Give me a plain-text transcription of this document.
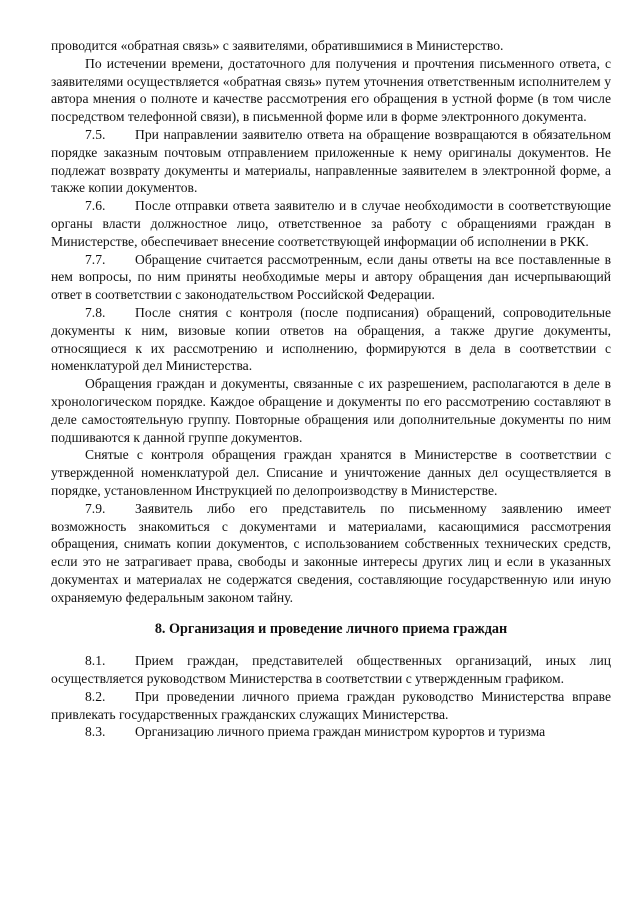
проводится «обратная связь» с заявителями, обратившимися в Министерство.

По истечении времени, достаточного для получения и прочтения письменного ответа, с заявителями осуществляется «обратная связь» путем уточнения ответственным исполнителем у автора мнения о полноте и качестве рассмотрения его обращения в устной форме (в том числе посредством телефонной связи), в письменной форме или в форме электронного документа.

7.5. При направлении заявителю ответа на обращение возвращаются в обязательном порядке заказным почтовым отправлением приложенные к нему оригиналы документов. Не подлежат возврату документы и материалы, направленные заявителем в электронной форме, а также копии документов.

7.6. После отправки ответа заявителю и в случае необходимости в соответствующие органы власти должностное лицо, ответственное за работу с обращениями граждан в Министерстве, обеспечивает внесение соответствующей информации об исполнении в РКК.

7.7. Обращение считается рассмотренным, если даны ответы на все поставленные в нем вопросы, по ним приняты необходимые меры и автору обращения дан исчерпывающий ответ в соответствии с законодательством Российской Федерации.

7.8. После снятия с контроля (после подписания) обращений, сопроводительные документы к ним, визовые копии ответов на обращения, а также другие документы, относящиеся к их рассмотрению и исполнению, формируются в дела в соответствии с номенклатурой дел Министерства.

Обращения граждан и документы, связанные с их разрешением, располагаются в деле в хронологическом порядке. Каждое обращение и документы по его рассмотрению составляют в деле самостоятельную группу. Повторные обращения или дополнительные документы по ним подшиваются к данной группе документов.

Снятые с контроля обращения граждан хранятся в Министерстве в соответствии с утвержденной номенклатурой дел. Списание и уничтожение данных дел осуществляется в порядке, установленном Инструкцией по делопроизводству в Министерстве.

7.9. Заявитель либо его представитель по письменному заявлению имеет возможность знакомиться с документами и материалами, касающимися рассмотрения обращения, снимать копии документов, с использованием собственных технических средств, если это не затрагивает права, свободы и законные интересы других лиц и если в указанных документах и материалах не содержатся сведения, составляющие государственную или иную охраняемую федеральным законом тайну.

8. Организация и проведение личного приема граждан

8.1. Прием граждан, представителей общественных организаций, иных лиц осуществляется руководством Министерства в соответствии с утвержденным графиком.

8.2. При проведении личного приема граждан руководство Министерства вправе привлекать государственных гражданских служащих Министерства.

8.3. Организацию личного приема граждан министром курортов и туризма
